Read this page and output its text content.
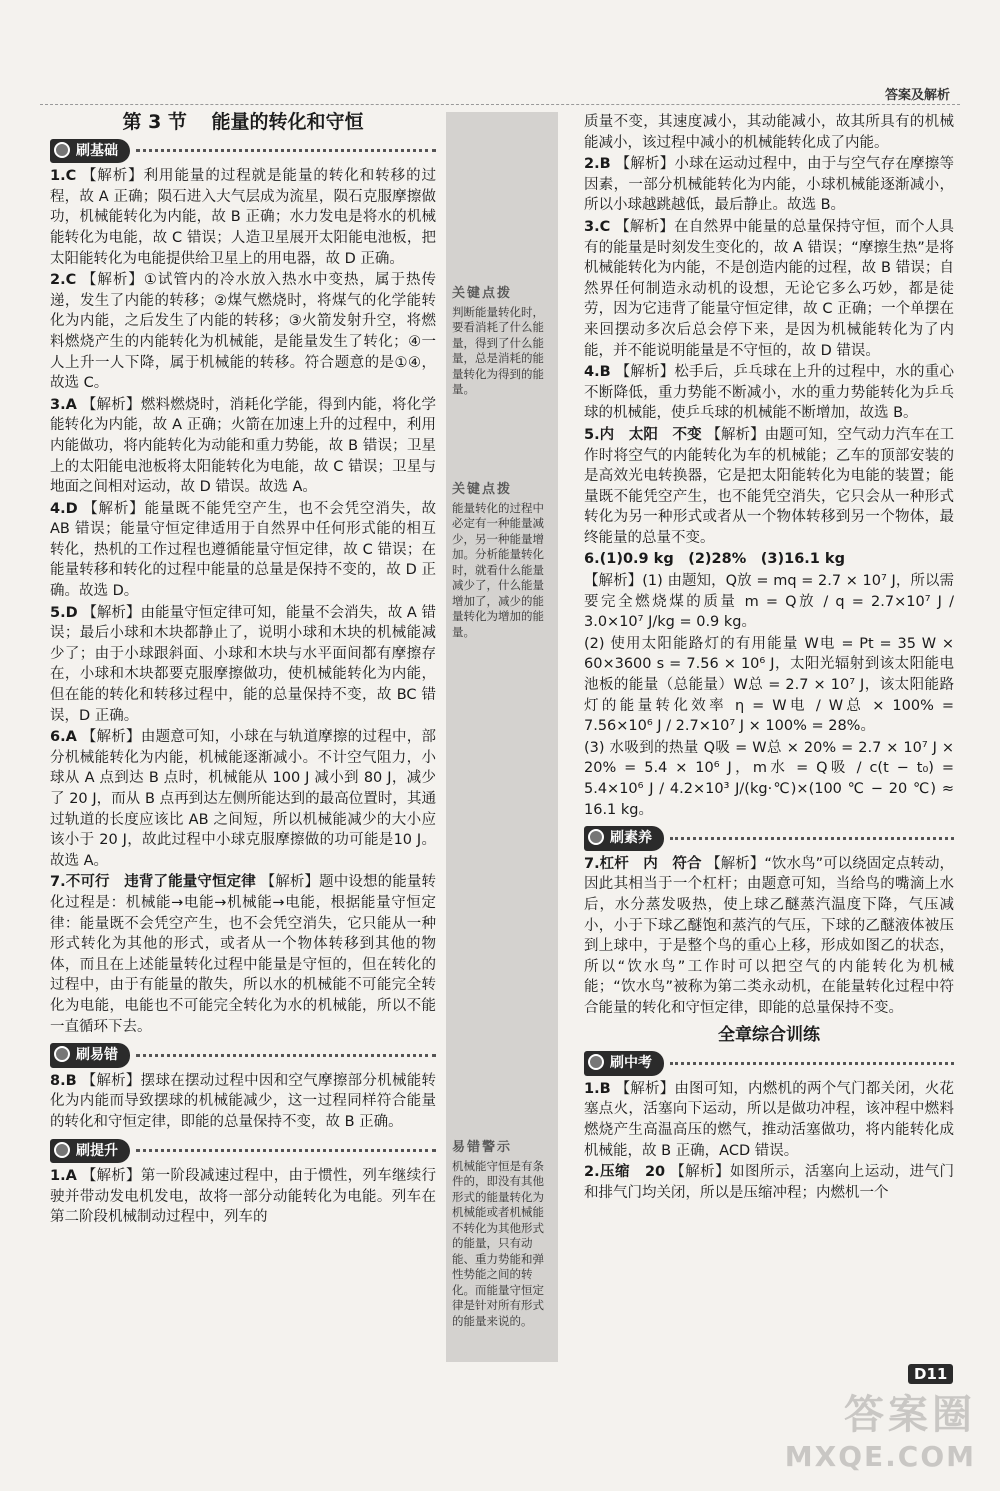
答案及解析
关键点拨
判断能量转化时，要看消耗了什么能量，得到了什么能量，总是消耗的能量转化为得到的能量。
关键点拨
能量转化的过程中必定有一种能量减少，另一种能量增加。分析能量转化时，就看什么能量减少了，什么能量增加了，减少的能量转化为增加的能量。
易错警示
机械能守恒是有条件的，即没有其他形式的能量转化为机械能或者机械能不转化为其他形式的能量，只有动能、重力势能和弹性势能之间的转化。而能量守恒定律是针对所有形式的能量来说的。
第 3 节 能量的转化和守恒
刷基础
1.C 【解析】利用能量的过程就是能量的转化和转移的过程，故 A 正确；陨石进入大气层成为流星，陨石克服摩擦做功，机械能转化为内能，故 B 正确；水力发电是将水的机械能转化为电能，故 C 错误；人造卫星展开太阳能电池板，把太阳能转化为电能提供给卫星上的用电器，故 D 正确。
2.C 【解析】①试管内的冷水放入热水中变热，属于热传递，发生了内能的转移；②煤气燃烧时，将煤气的化学能转化为内能，之后发生了内能的转移；③火箭发射升空，将燃料燃烧产生的内能转化为机械能，是能量发生了转化；④一人上升一人下降，属于机械能的转移。符合题意的是①④，故选 C。
3.A 【解析】燃料燃烧时，消耗化学能，得到内能，将化学能转化为内能，故 A 正确；火箭在加速上升的过程中，利用内能做功，将内能转化为动能和重力势能，故 B 错误；卫星上的太阳能电池板将太阳能转化为电能，故 C 错误；卫星与地面之间相对运动，故 D 错误。故选 A。
4.D 【解析】能量既不能凭空产生，也不会凭空消失，故 AB 错误；能量守恒定律适用于自然界中任何形式能的相互转化，热机的工作过程也遵循能量守恒定律，故 C 错误；在能量转移和转化的过程中能量的总量是保持不变的，故 D 正确。故选 D。
5.D 【解析】由能量守恒定律可知，能量不会消失，故 A 错误；最后小球和木块都静止了，说明小球和木块的机械能减少了；由于小球跟斜面、小球和木块与水平面间都有摩擦存在，小球和木块都要克服摩擦做功，使机械能转化为内能，但在能的转化和转移过程中，能的总量保持不变，故 BC 错误，D 正确。
6.A 【解析】由题意可知，小球在与轨道摩擦的过程中，部分机械能转化为内能，机械能逐渐减小。不计空气阻力，小球从 A 点到达 B 点时，机械能从 100 J 减小到 80 J，减少了 20 J，而从 B 点再到达左侧所能达到的最高位置时，其通过轨道的长度应该比 AB 之间短，所以机械能减少的大小应该小于 20 J，故此过程中小球克服摩擦做的功可能是10 J。故选 A。
7.不可行　违背了能量守恒定律 【解析】题中设想的能量转化过程是：机械能→电能→机械能→电能，根据能量守恒定律：能量既不会凭空产生，也不会凭空消失，它只能从一种形式转化为其他的形式，或者从一个物体转移到其他的物体，而且在上述能量转化过程中能量是守恒的，但在转化的过程中，由于有能量的散失，所以水的机械能不可能完全转化为电能，电能也不可能完全转化为水的机械能，所以不能一直循环下去。
刷易错
8.B 【解析】摆球在摆动过程中因和空气摩擦部分机械能转化为内能而导致摆球的机械能减少，这一过程同样符合能量的转化和守恒定律，即能的总量保持不变，故 B 正确。
刷提升
1.A 【解析】第一阶段减速过程中，由于惯性，列车继续行驶并带动发电机发电，故将一部分动能转化为电能。列车在第二阶段机械制动过程中，列车的
质量不变，其速度减小，其动能减小，故其所具有的机械能减小，该过程中减小的机械能转化成了内能。
2.B 【解析】小球在运动过程中，由于与空气存在摩擦等因素，一部分机械能转化为内能，小球机械能逐渐减小，所以小球越跳越低，最后静止。故选 B。
3.C 【解析】在自然界中能量的总量保持守恒，而个人具有的能量是时刻发生变化的，故 A 错误；“摩擦生热”是将机械能转化为内能，不是创造内能的过程，故 B 错误；自然界任何制造永动机的设想，无论它多么巧妙，都是徒劳，因为它违背了能量守恒定律，故 C 正确；一个单摆在来回摆动多次后总会停下来，是因为机械能转化为了内能，并不能说明能量是不守恒的，故 D 错误。
4.B 【解析】松手后，乒乓球在上升的过程中，水的重心不断降低，重力势能不断减小，水的重力势能转化为乒乓球的机械能，使乒乓球的机械能不断增加，故选 B。
5.内　太阳　不变 【解析】由题可知，空气动力汽车在工作时将空气的内能转化为车的机械能；乙车的顶部安装的是高效光电转换器，它是把太阳能转化为电能的装置；能量既不能凭空产生，也不能凭空消失，它只会从一种形式转化为另一种形式或者从一个物体转移到另一个物体，最终能量的总量不变。
6.(1)0.9 kg　(2)28%　(3)16.1 kg
【解析】(1) 由题知，Q放 = mq = 2.7 × 10⁷ J，所以需要完全燃烧煤的质量 m = Q放 / q = 2.7×10⁷ J / 3.0×10⁷ J/kg = 0.9 kg。
(2) 使用太阳能路灯的有用能量 W电 = Pt = 35 W × 60×3600 s = 7.56 × 10⁶ J，太阳光辐射到该太阳能电池板的能量（总能量）W总 = 2.7 × 10⁷ J，该太阳能路灯的能量转化效率 η = W电 / W总 × 100% = 7.56×10⁶ J / 2.7×10⁷ J × 100% = 28%。
(3) 水吸到的热量 Q吸 = W总 × 20% = 2.7 × 10⁷ J × 20% = 5.4 × 10⁶ J，m水 = Q吸 / c(t − t₀) = 5.4×10⁶ J / 4.2×10³ J/(kg·℃)×(100 ℃ − 20 ℃) ≈ 16.1 kg。
刷素养
7.杠杆　内　符合 【解析】“饮水鸟”可以绕固定点转动，因此其相当于一个杠杆；由题意可知，当给鸟的嘴滴上水后，水分蒸发吸热，使上球乙醚蒸汽温度下降，气压减小，小于下球乙醚饱和蒸汽的气压，下球的乙醚液体被压到上球中，于是整个鸟的重心上移，形成如图乙的状态，所以“饮水鸟”工作时可以把空气的内能转化为机械能；“饮水鸟”被称为第二类永动机，在能量转化过程中符合能量的转化和守恒定律，即能的总量保持不变。
全章综合训练
刷中考
1.B 【解析】由图可知，内燃机的两个气门都关闭，火花塞点火，活塞向下运动，所以是做功冲程，该冲程中燃料燃烧产生高温高压的燃气，推动活塞做功，将内能转化成机械能，故 B 正确，ACD 错误。
2.压缩　20 【解析】如图所示，活塞向上运动，进气门和排气门均关闭，所以是压缩冲程；内燃机一个
D11
答案圈
MXQE.COM
